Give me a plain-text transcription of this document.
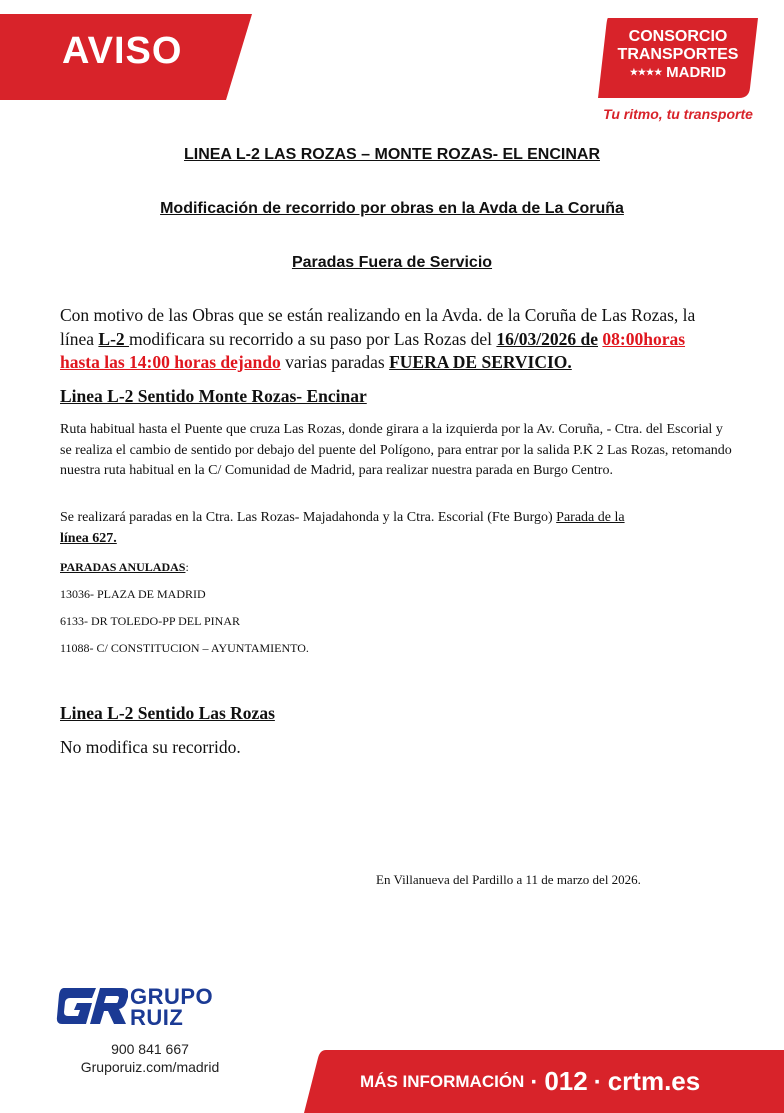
AVISO	CONSORCIO
TRANSPORTES
★★★★ MADRID
Tu ritmo, tu transporte
LINEA L-2 LAS ROZAS – MONTE ROZAS- EL ENCINAR
Modificación de recorrido por obras en la Avda de La Coruña
Paradas Fuera de Servicio
Con motivo de las Obras que se están realizando en la Avda. de la Coruña de Las Rozas, la línea L-2 modificara su recorrido a su paso por Las Rozas del 16/03/2026 de 08:00horas hasta las 14:00 horas dejando varias paradas FUERA DE SERVICIO.
Linea L-2 Sentido Monte Rozas- Encinar
Ruta habitual hasta el Puente que cruza Las Rozas, donde girara a la izquierda por la Av. Coruña, - Ctra. del Escorial y se realiza el cambio de sentido por debajo del puente del Polígono, para entrar por la salida P.K 2 Las Rozas, retomando nuestra ruta habitual en la C/ Comunidad de Madrid, para realizar nuestra parada en Burgo Centro.
Se realizará paradas en la Ctra. Las Rozas- Majadahonda y la Ctra. Escorial (Fte Burgo) Parada de la
línea 627.
PARADAS ANULADAS:
13036- PLAZA DE MADRID
6133- DR TOLEDO-PP DEL PINAR
11088- C/ CONSTITUCION – AYUNTAMIENTO.
Linea L-2 Sentido Las Rozas
No modifica su recorrido.
En Villanueva del Pardillo a 11 de marzo del 2026.
GRUPO
RUIZ
900 841 667
Gruporuiz.com/madrid
MÁS INFORMACIÓN · 012 · crtm.es
